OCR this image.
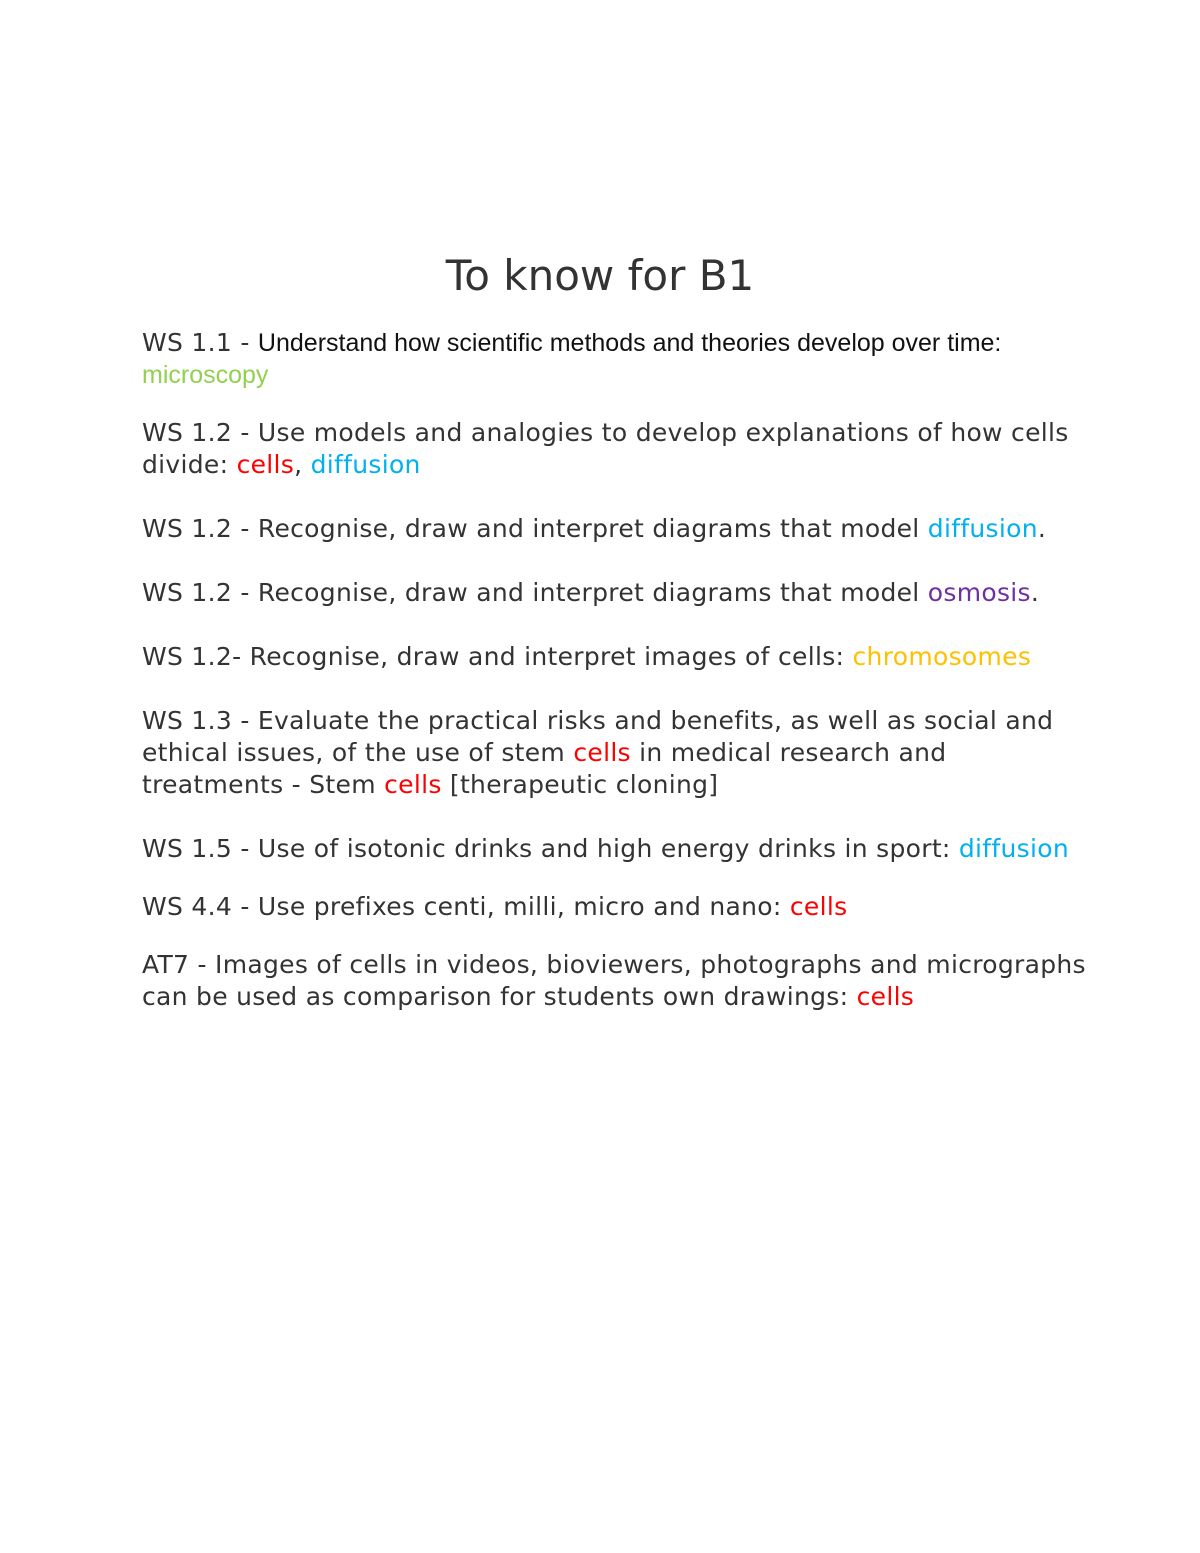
To know for B1

WS 1.1 - Understand how scientific methods and theories develop over time:
microscopy

WS 1.2 - Use models and analogies to develop explanations of how cells divide: cells, diffusion

WS 1.2 - Recognise, draw and interpret diagrams that model diffusion.

WS 1.2 - Recognise, draw and interpret diagrams that model osmosis.

WS 1.2- Recognise, draw and interpret images of cells: chromosomes

WS 1.3 - Evaluate the practical risks and benefits, as well as social and ethical issues, of the use of stem cells in medical research and treatments - Stem cells [therapeutic cloning]

WS 1.5 - Use of isotonic drinks and high energy drinks in sport: diffusion

WS 4.4 - Use prefixes centi, milli, micro and nano: cells

AT7 - Images of cells in videos, bioviewers, photographs and micrographs can be used as comparison for students own drawings: cells
